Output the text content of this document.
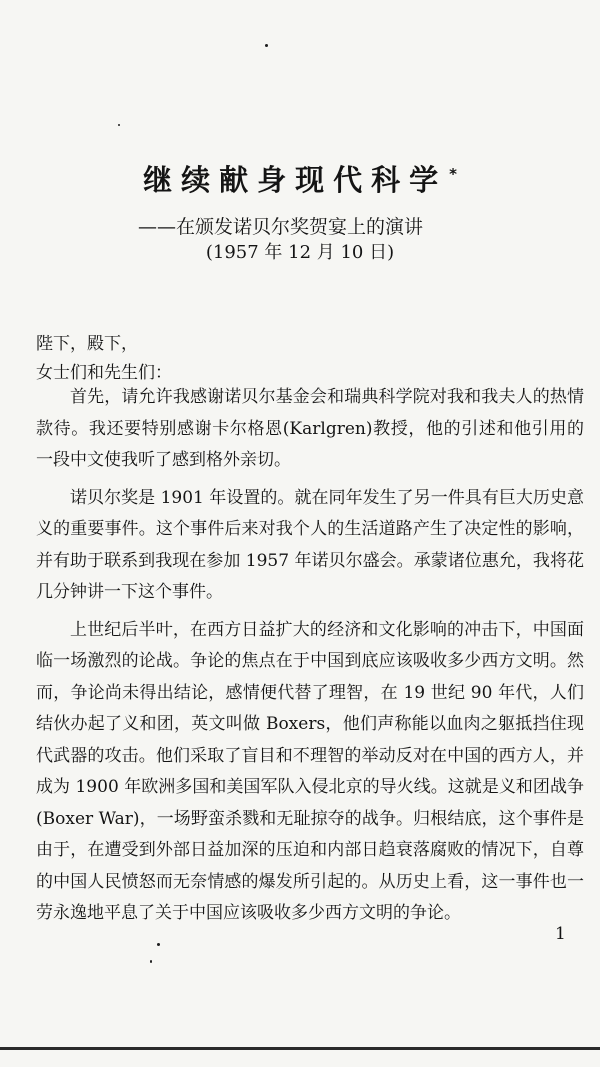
继续献身现代科学 *
——在颁发诺贝尔奖贺宴上的演讲
(1957 年 12 月 10 日)
陛下，殿下，
女士们和先生们：

首先，请允许我感谢诺贝尔基金会和瑞典科学院对我和我夫人的热情款待。我还要特别感谢卡尔格恩(Karlgren)教授，他的引述和他引用的一段中文使我听了感到格外亲切。

诺贝尔奖是 1901 年设置的。就在同年发生了另一件具有巨大历史意义的重要事件。这个事件后来对我个人的生活道路产生了决定性的影响，并有助于联系到我现在参加 1957 年诺贝尔盛会。承蒙诸位惠允，我将花几分钟讲一下这个事件。

上世纪后半叶，在西方日益扩大的经济和文化影响的冲击下，中国面临一场激烈的论战。争论的焦点在于中国到底应该吸收多少西方文明。然而，争论尚未得出结论，感情便代替了理智，在 19 世纪 90 年代，人们结伙办起了义和团，英文叫做 Boxers，他们声称能以血肉之躯抵挡住现代武器的攻击。他们采取了盲目和不理智的举动反对在中国的西方人，并成为 1900 年欧洲多国和美国军队入侵北京的导火线。这就是义和团战争(Boxer War)，一场野蛮杀戮和无耻掠夺的战争。归根结底，这个事件是由于，在遭受到外部日益加深的压迫和内部日趋衰落腐败的情况下，自尊的中国人民愤怒而无奈情感的爆发所引起的。从历史上看，这一事件也一劳永逸地平息了关于中国应该吸收多少西方文明的争论。

1
